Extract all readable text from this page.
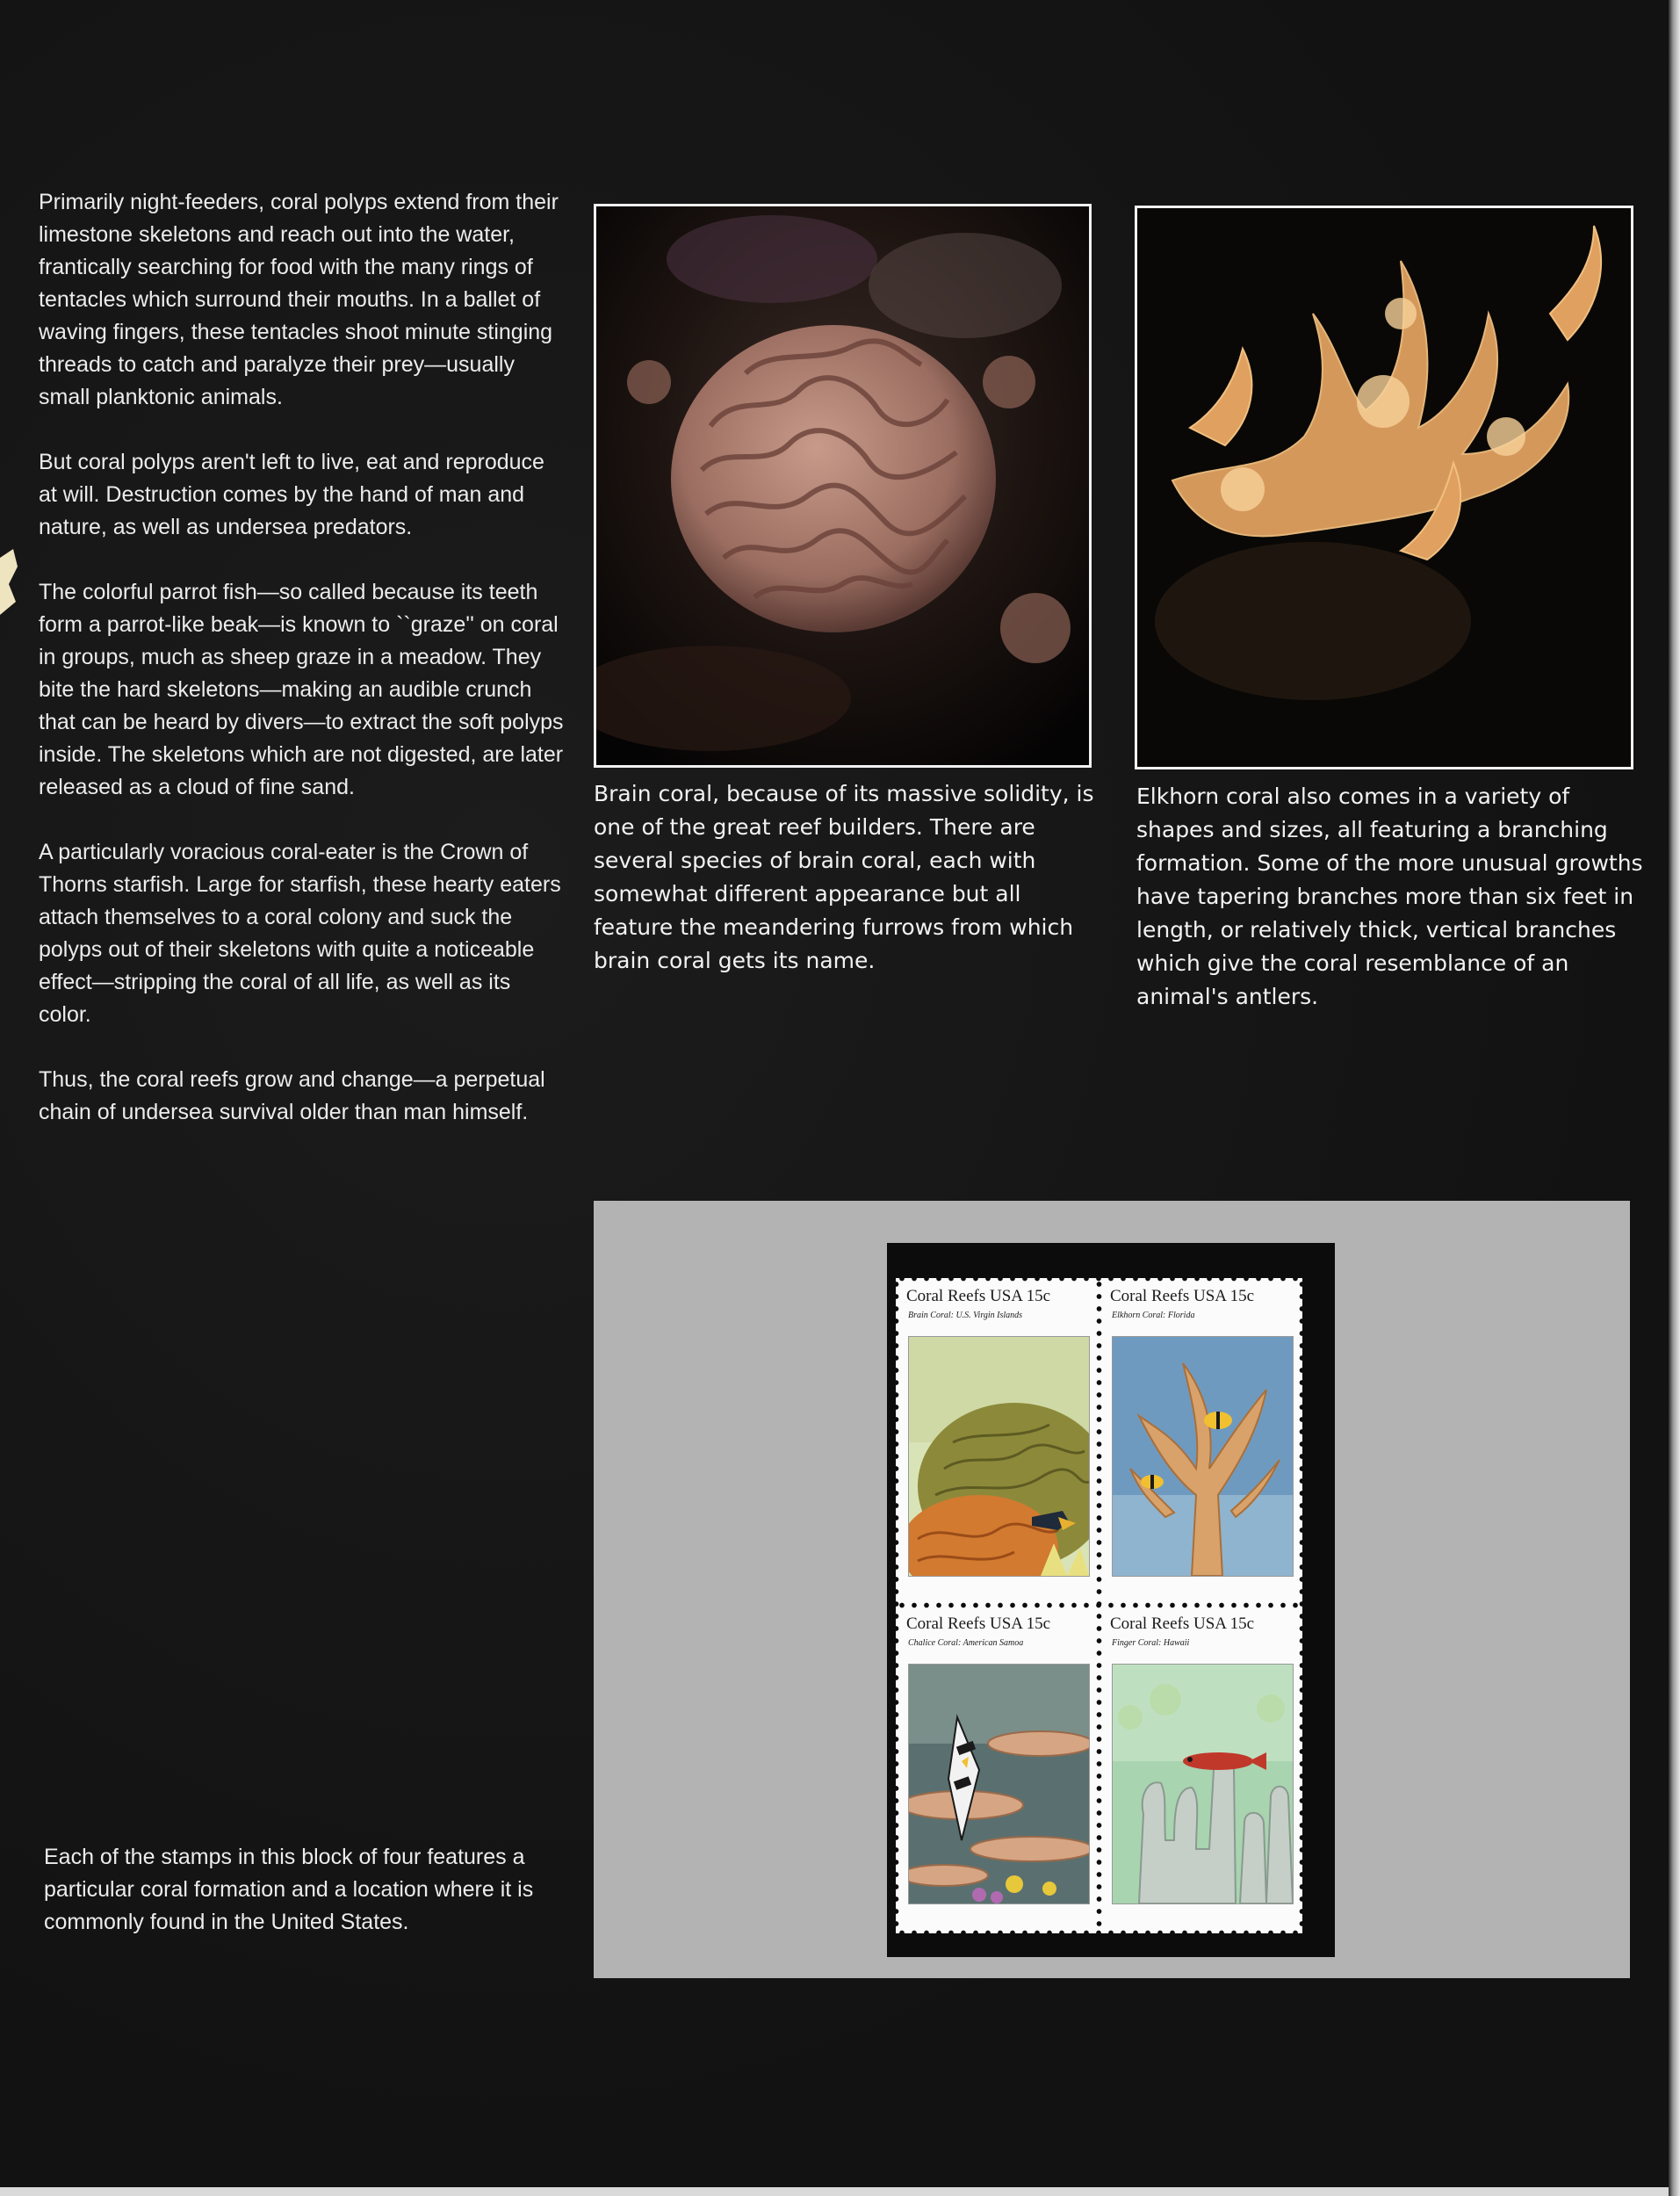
Primarily night-feeders, coral polyps extend from their limestone skeletons and reach out into the water, frantically searching for food with the many rings of tentacles which surround their mouths. In a ballet of waving fingers, these tentacles shoot minute stinging threads to catch and paralyze their prey—usually small planktonic animals.

But coral polyps aren't left to live, eat and reproduce at will. Destruction comes by the hand of man and nature, as well as undersea predators.

The colorful parrot fish—so called because its teeth form a parrot-like beak—is known to ``graze'' on coral in groups, much as sheep graze in a meadow. They bite the hard skeletons—making an audible crunch that can be heard by divers—to extract the soft polyps inside. The skeletons which are not digested, are later released as a cloud of fine sand.

A particularly voracious coral-eater is the Crown of Thorns starfish. Large for starfish, these hearty eaters attach themselves to a coral colony and suck the polyps out of their skeletons with quite a noticeable effect—stripping the coral of all life, as well as its color.

Thus, the coral reefs grow and change—a perpetual chain of undersea survival older than man himself.

Brain coral, because of its massive solidity, is one of the great reef builders. There are several species of brain coral, each with somewhat different appearance but all feature the meandering furrows from which brain coral gets its name.

Elkhorn coral also comes in a variety of shapes and sizes, all featuring a branching formation. Some of the more unusual growths have tapering branches more than six feet in length, or relatively thick, vertical branches which give the coral resemblance of an animal's antlers.

Coral Reefs USA 15c

Brain Coral: U.S. Virgin Islands

Coral Reefs USA 15c

Elkhorn Coral: Florida

Coral Reefs USA 15c

Chalice Coral: American Samoa

Coral Reefs USA 15c

Finger Coral: Hawaii

Each of the stamps in this block of four features a particular coral formation and a location where it is commonly found in the United States.
